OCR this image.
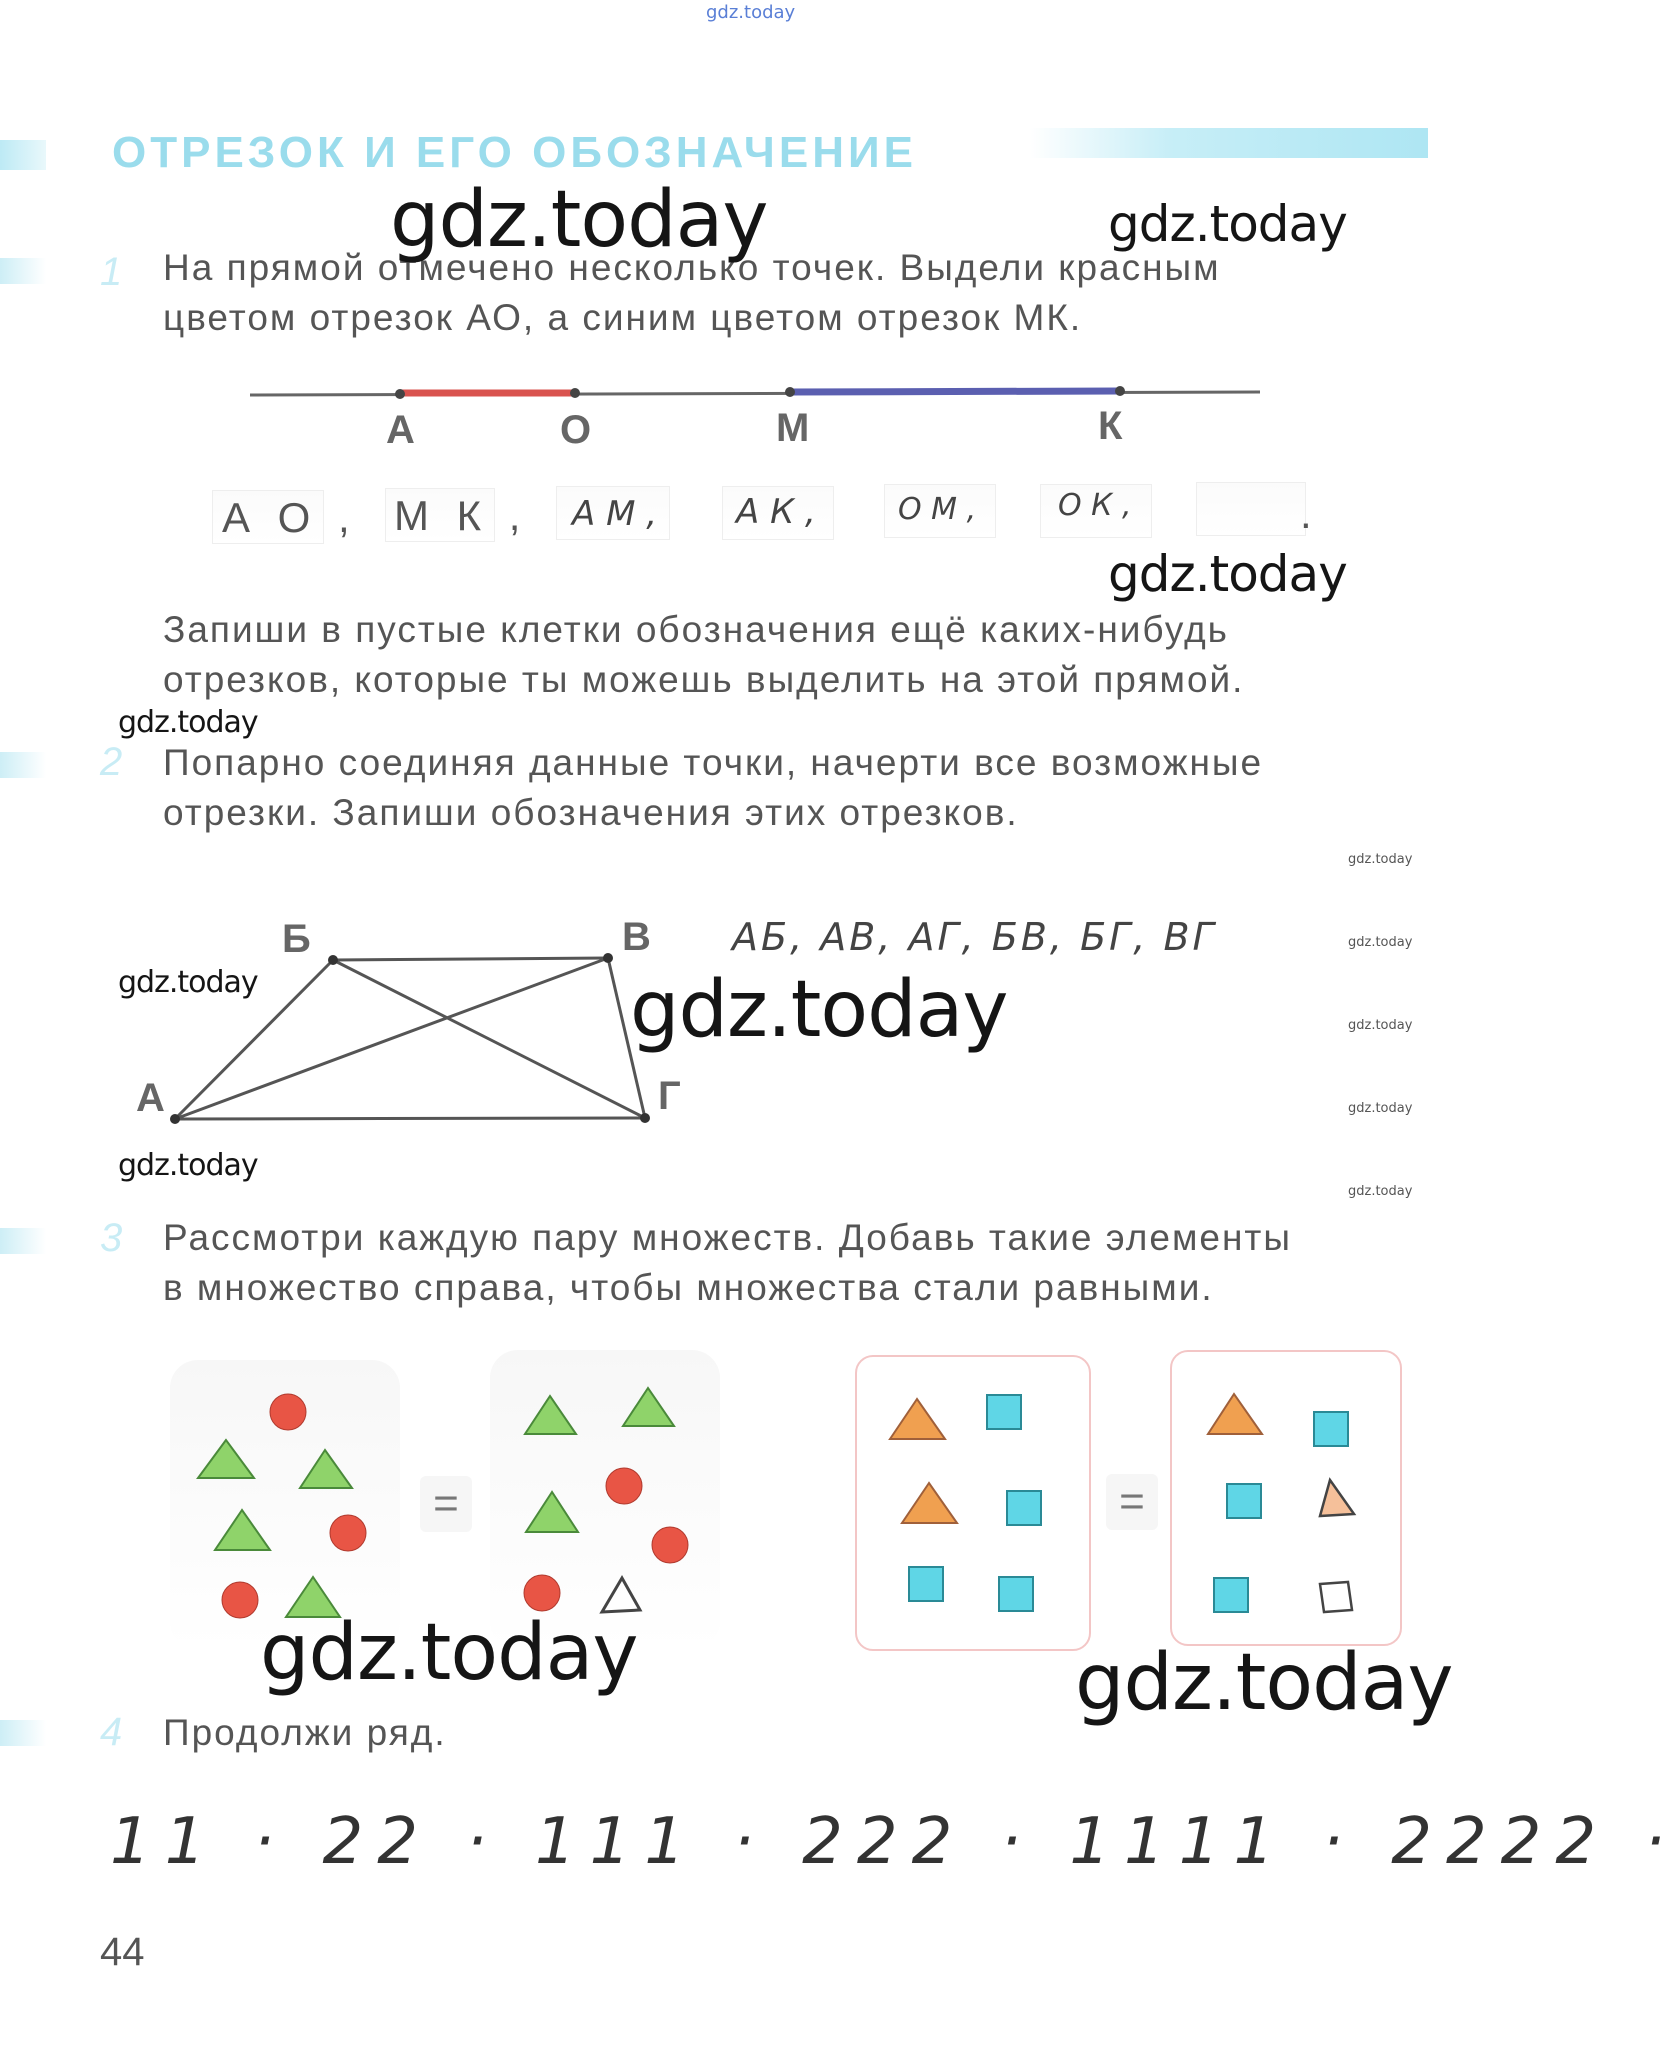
gdz.today
ОТРЕЗОК И ЕГО ОБОЗНАЧЕНИЕ
1 На прямой отмечено несколько точек. Выдели красным
цветом отрезок АО, а синим цветом отрезок МК.
А	О	М	К
А О , М К , А М , А К ,	О М ,	О К ,	.
Запиши в пустые клетки обозначения ещё каких-нибудь
отрезков, которые ты можешь выделить на этой прямой.
2 Попарно соединяя данные точки, начерти все возможные
отрезки. Запиши обозначения этих отрезков.
Б	В
А	Г
АБ, АВ, АГ, БВ, БГ, ВГ
3 Рассмотри каждую пару множеств. Добавь такие элементы
в множество справа, чтобы множества стали равными.
=	=
4 Продолжи ряд.
11 · 22 · 111 · 222 · 1111 · 2222 ·
44
gdz.today	gdz.today
gdz.today
gdz.today
gdz.today
gdz.today
gdz.today
gdz.today
gdz.today
gdz.today	gdz.today
gdz.today
gdz.today	gdz.today
